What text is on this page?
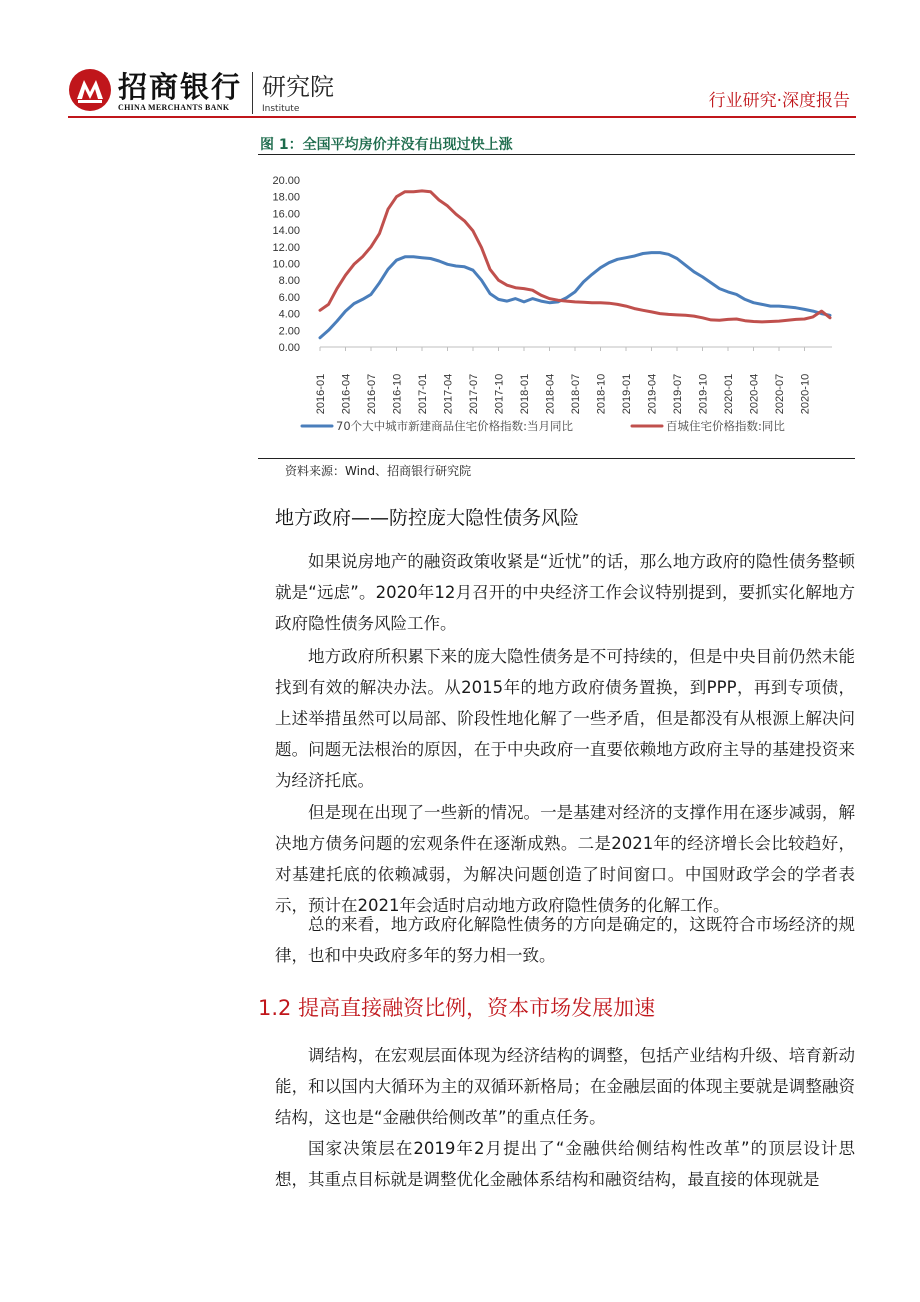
招商银行
CHINA MERCHANTS BANK
研究院
Institute	行业研究·深度报告
图 1：全国平均房价并没有出现过快上涨
0.00
2.00
4.00
6.00
8.00
10.00
12.00
14.00
16.00
18.00
20.00
2016-01 2016-04 2016-07 2016-10 2017-01 2017-04 2017-07 2017-10 2018-01 2018-04 2018-07 2018-10 2019-01 2019-04 2019-07 2019-10 2020-01 2020-04 2020-07 2020-10
70个大中城市新建商品住宅价格指数:当月同比	百城住宅价格指数:同比
资料来源：Wind、招商银行研究院
地方政府——防控庞大隐性债务风险
如果说房地产的融资政策收紧是“近忧”的话，那么地方政府的隐性债务整顿就是“远虑”。2020年12月召开的中央经济工作会议特别提到，要抓实化解地方政府隐性债务风险工作。
地方政府所积累下来的庞大隐性债务是不可持续的，但是中央目前仍然未能找到有效的解决办法。从2015年的地方政府债务置换，到PPP，再到专项债，上述举措虽然可以局部、阶段性地化解了一些矛盾，但是都没有从根源上解决问题。问题无法根治的原因，在于中央政府一直要依赖地方政府主导的基建投资来为经济托底。
但是现在出现了一些新的情况。一是基建对经济的支撑作用在逐步减弱，解决地方债务问题的宏观条件在逐渐成熟。二是2021年的经济增长会比较趋好，对基建托底的依赖减弱，为解决问题创造了时间窗口。中国财政学会的学者表示，预计在2021年会适时启动地方政府隐性债务的化解工作。
总的来看，地方政府化解隐性债务的方向是确定的，这既符合市场经济的规律，也和中央政府多年的努力相一致。
1.2 提高直接融资比例，资本市场发展加速
调结构，在宏观层面体现为经济结构的调整，包括产业结构升级、培育新动能，和以国内大循环为主的双循环新格局；在金融层面的体现主要就是调整融资结构，这也是“金融供给侧改革”的重点任务。
国家决策层在2019年2月提出了“金融供给侧结构性改革”的顶层设计思想，其重点目标就是调整优化金融体系结构和融资结构，最直接的体现就是
